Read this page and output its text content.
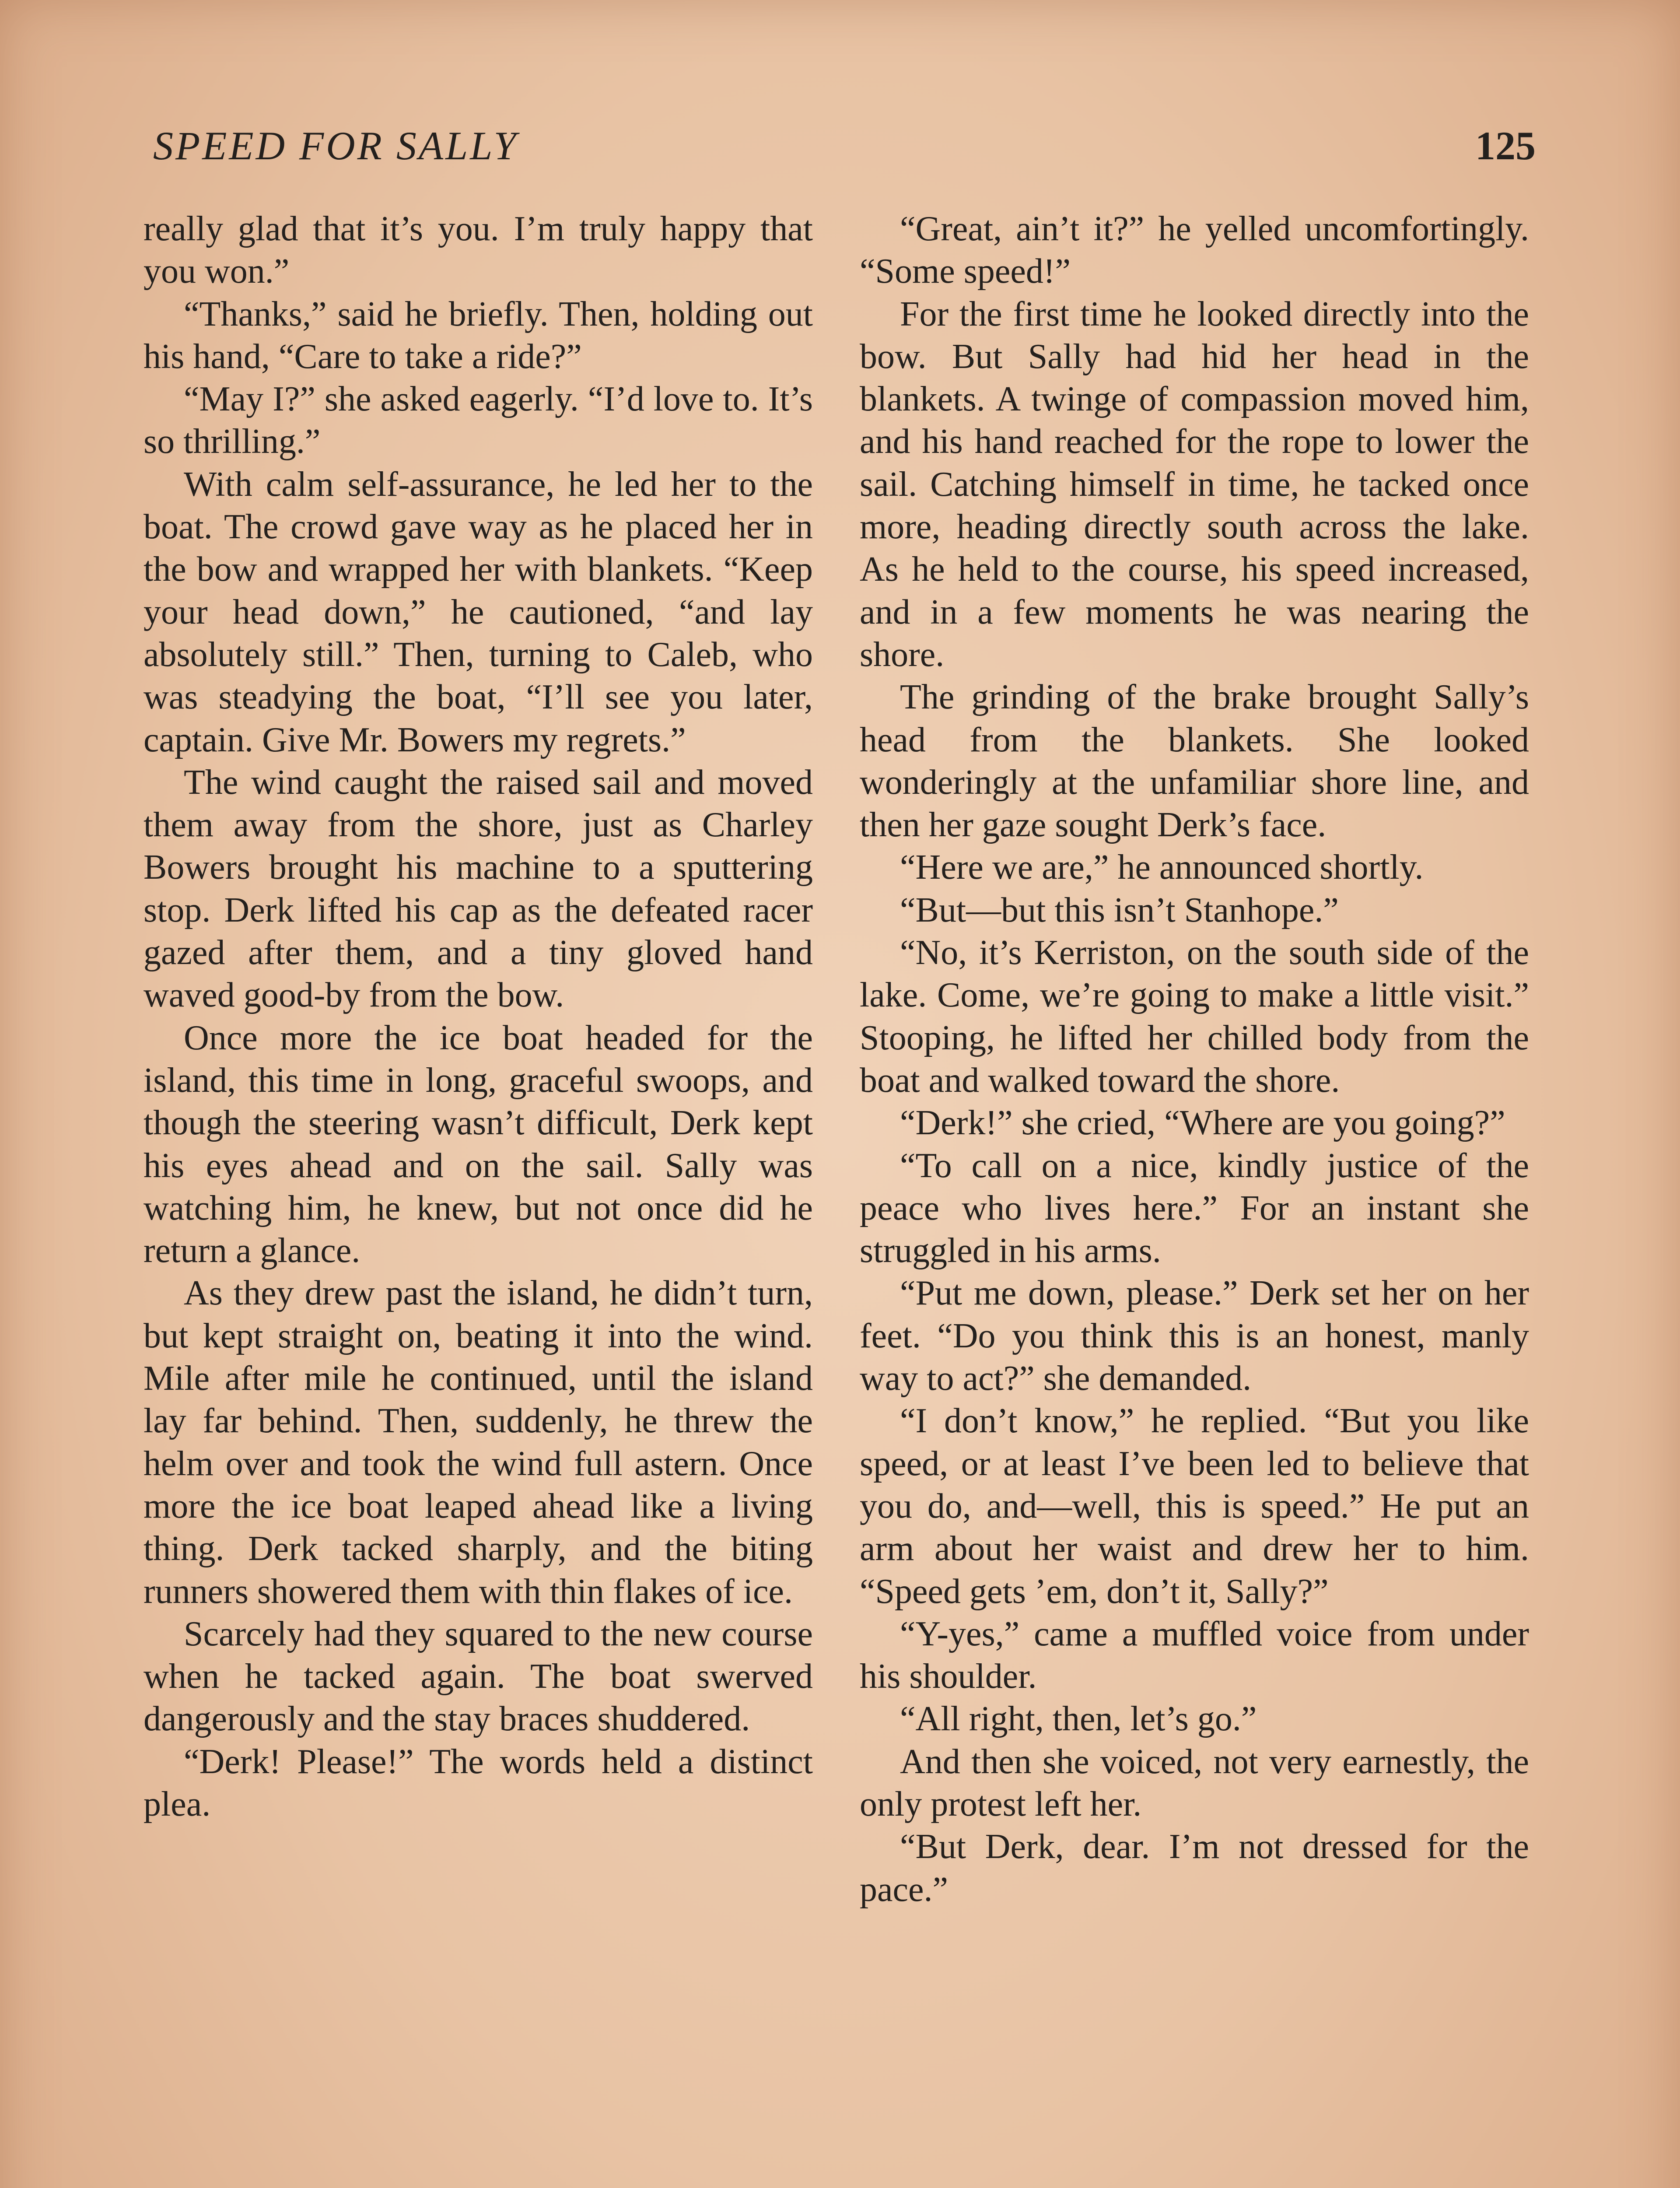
SPEED FOR SALLY	125

really glad that it’s you. I’m truly happy that you won.”

“Thanks,” said he briefly. Then, holding out his hand, “Care to take a ride?”

“May I?” she asked eagerly. “I’d love to. It’s so thrilling.”

With calm self-assurance, he led her to the boat. The crowd gave way as he placed her in the bow and wrapped her with blankets. “Keep your head down,” he cautioned, “and lay absolutely still.” Then, turning to Caleb, who was steadying the boat, “I’ll see you later, captain. Give Mr. Bowers my regrets.”

The wind caught the raised sail and moved them away from the shore, just as Charley Bowers brought his machine to a sputtering stop. Derk lifted his cap as the defeated racer gazed after them, and a tiny gloved hand waved good-by from the bow.

Once more the ice boat headed for the island, this time in long, graceful swoops, and though the steering wasn’t difficult, Derk kept his eyes ahead and on the sail. Sally was watching him, he knew, but not once did he return a glance.

As they drew past the island, he didn’t turn, but kept straight on, beating it into the wind. Mile after mile he continued, until the island lay far behind. Then, suddenly, he threw the helm over and took the wind full astern. Once more the ice boat leaped ahead like a living thing. Derk tacked sharply, and the biting runners showered them with thin flakes of ice.

Scarcely had they squared to the new course when he tacked again. The boat swerved dangerously and the stay braces shuddered.

“Derk! Please!” The words held a distinct plea.

“Great, ain’t it?” he yelled uncomfortingly. “Some speed!”

For the first time he looked directly into the bow. But Sally had hid her head in the blankets. A twinge of compassion moved him, and his hand reached for the rope to lower the sail. Catching himself in time, he tacked once more, heading directly south across the lake. As he held to the course, his speed increased, and in a few moments he was nearing the shore.

The grinding of the brake brought Sally’s head from the blankets. She looked wonderingly at the unfamiliar shore line, and then her gaze sought Derk’s face.

“Here we are,” he announced shortly.

“But—but this isn’t Stanhope.”

“No, it’s Kerriston, on the south side of the lake. Come, we’re going to make a little visit.” Stooping, he lifted her chilled body from the boat and walked toward the shore.

“Derk!” she cried, “Where are you going?”

“To call on a nice, kindly justice of the peace who lives here.” For an instant she struggled in his arms.

“Put me down, please.” Derk set her on her feet. “Do you think this is an honest, manly way to act?” she demanded.

“I don’t know,” he replied. “But you like speed, or at least I’ve been led to believe that you do, and—well, this is speed.” He put an arm about her waist and drew her to him. “Speed gets ’em, don’t it, Sally?”

“Y-yes,” came a muffled voice from under his shoulder.

“All right, then, let’s go.”

And then she voiced, not very earnestly, the only protest left her.

“But Derk, dear. I’m not dressed for the pace.”
